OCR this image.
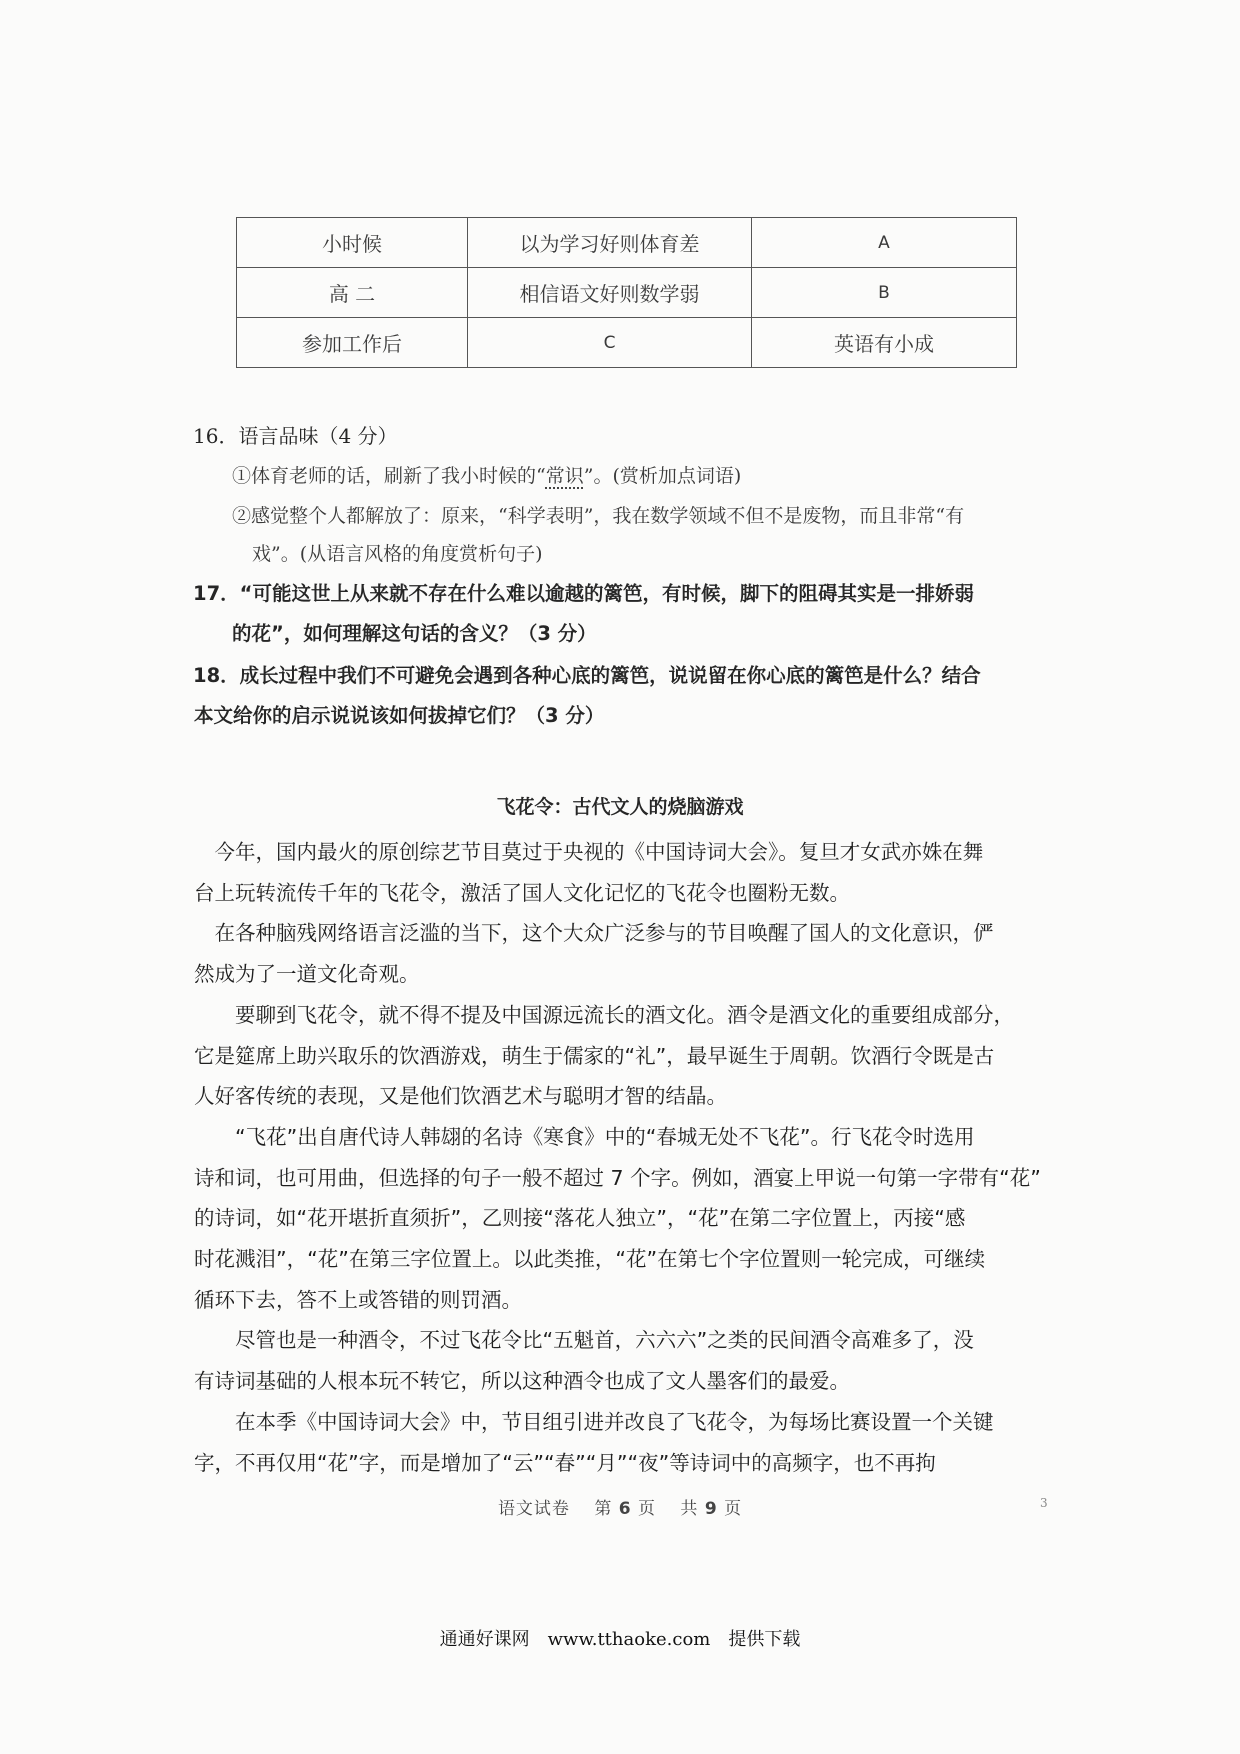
小时候	以为学习好则体育差	A
高 二	相信语文好则数学弱	B
参加工作后	C	英语有小成
16．语言品味（4 分）
①体育老师的话，刷新了我小时候的“常识”。(赏析加点词语)
②感觉整个人都解放了：原来，“科学表明”，我在数学领域不但不是废物，而且非常“有
戏”。(从语言风格的角度赏析句子)
17．“可能这世上从来就不存在什么难以逾越的篱笆，有时候，脚下的阻碍其实是一排娇弱
的花”，如何理解这句话的含义？（3 分）
18．成长过程中我们不可避免会遇到各种心底的篱笆，说说留在你心底的篱笆是什么？结合
本文给你的启示说说该如何拔掉它们？（3 分）
飞花令：古代文人的烧脑游戏

　今年，国内最火的原创综艺节目莫过于央视的《中国诗词大会》。复旦才女武亦姝在舞
台上玩转流传千年的飞花令，激活了国人文化记忆的飞花令也圈粉无数。

　在各种脑残网络语言泛滥的当下，这个大众广泛参与的节目唤醒了国人的文化意识，俨
然成为了一道文化奇观。

　　要聊到飞花令，就不得不提及中国源远流长的酒文化。酒令是酒文化的重要组成部分，
它是筵席上助兴取乐的饮酒游戏，萌生于儒家的“礼”，最早诞生于周朝。饮酒行令既是古
人好客传统的表现，又是他们饮酒艺术与聪明才智的结晶。

　　“飞花”出自唐代诗人韩翃的名诗《寒食》中的“春城无处不飞花”。行飞花令时选用
诗和词，也可用曲，但选择的句子一般不超过 7 个字。例如，酒宴上甲说一句第一字带有“花”
的诗词，如“花开堪折直须折”，乙则接“落花人独立”，“花”在第二字位置上，丙接“感
时花溅泪”，“花”在第三字位置上。以此类推，“花”在第七个字位置则一轮完成，可继续
循环下去，答不上或答错的则罚酒。

　　尽管也是一种酒令，不过飞花令比“五魁首，六六六”之类的民间酒令高难多了，没
有诗词基础的人根本玩不转它，所以这种酒令也成了文人墨客们的最爱。

　　在本季《中国诗词大会》中，节目组引进并改良了飞花令，为每场比赛设置一个关键
字，不再仅用“花”字，而是增加了“云”“春”“月”“夜”等诗词中的高频字，也不再拘

语文试卷 　 第 6 页 　 共 9 页	3
通通好课网　www.tthaoke.com　提供下载
